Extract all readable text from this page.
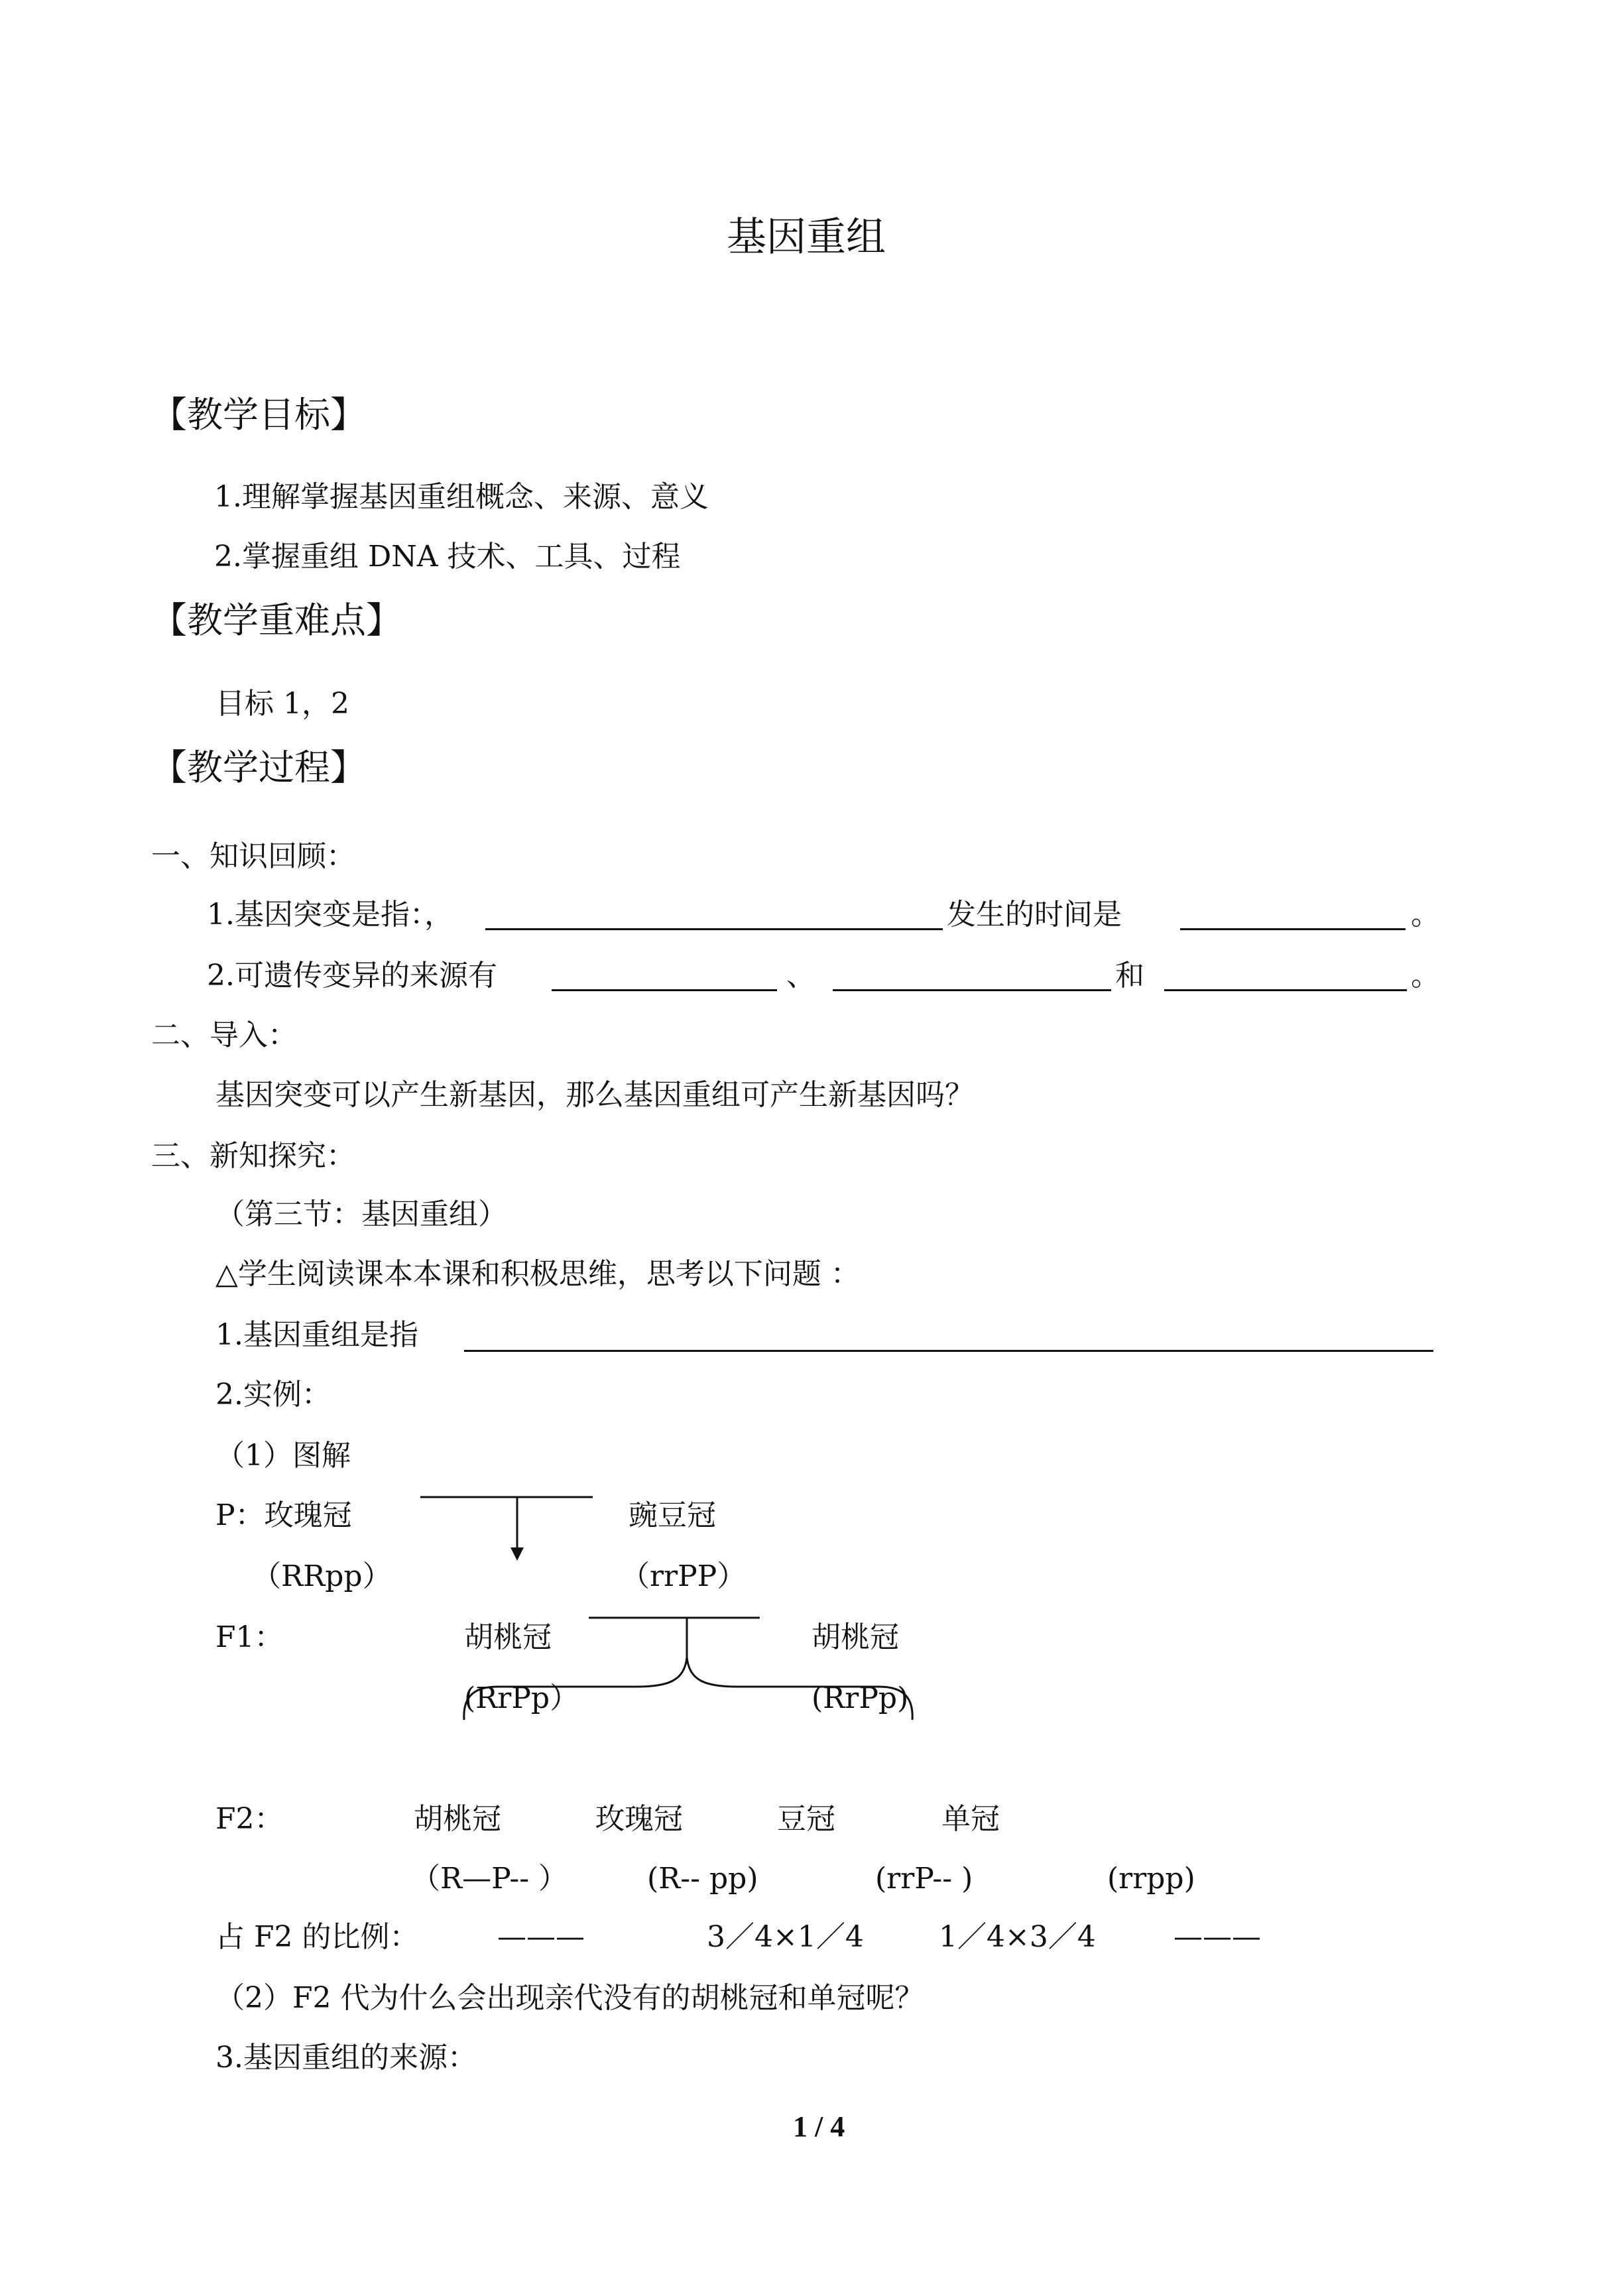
基因重组
【教学目标】
1.理解掌握基因重组概念、来源、意义
2.掌握重组 DNA 技术、工具、过程
【教学重难点】
目标 1，2
【教学过程】
一、知识回顾：
1.基因突变是指：，	发生的时间是	。
2.可遗传变异的来源有	、	和	。
二、导入：
基因突变可以产生新基因，那么基因重组可产生新基因吗？
三、新知探究：
（第三节：基因重组）
△学生阅读课本本课和积极思维，思考以下问题 ：
1.基因重组是指
2.实例：
（1）图解
P：玫瑰冠	豌豆冠
（RRpp）	（rrPP）
F1：	胡桃冠	胡桃冠
(RrPp）	(RrPp)
F2：	胡桃冠	玫瑰冠	豆冠	单冠
（R—P-- ）	(R-- pp)	(rrP-- )	(rrpp)
占 F2 的比例：	———	3／4×1／4	1／4×3／4	———
（2）F2 代为什么会出现亲代没有的胡桃冠和单冠呢？
3.基因重组的来源：
1 / 4
